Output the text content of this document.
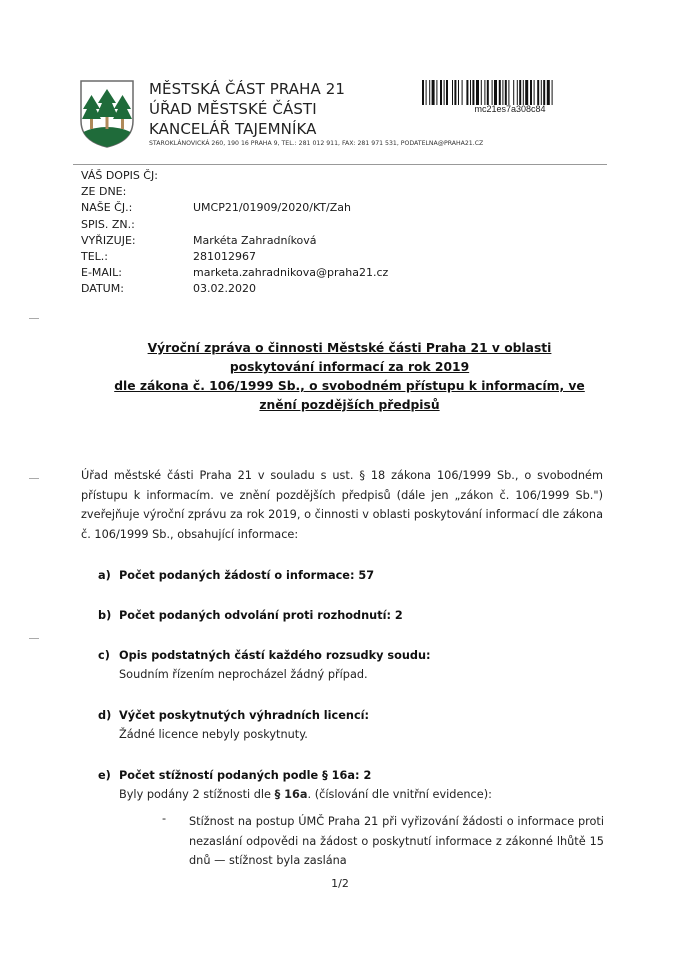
MĚSTSKÁ ČÁST PRAHA 21
ÚŘAD MĚSTSKÉ ČÁSTI
KANCELÁŘ TAJEMNÍKA
STAROKLÁNOVICKÁ 260, 190 16 PRAHA 9, TEL.: 281 012 911, FAX: 281 971 531, PODATELNA@PRAHA21.CZ
mc21es7a308c84
VÁŠ DOPIS ČJ:
ZE DNE:
NAŠE ČJ.:	UMCP21/01909/2020/KT/Zah
SPIS. ZN.:
VYŘIZUJE:	Markéta Zahradníková
TEL.:	281012967
E-MAIL:	marketa.zahradnikova@praha21.cz
DATUM:	03.02.2020
Výroční zpráva o činnosti Městské části Praha 21 v oblasti
poskytování informací za rok 2019
dle zákona č. 106/1999 Sb., o svobodném přístupu k informacím, ve
znění pozdějších předpisů
Úřad městské části Praha 21 v souladu s ust. § 18 zákona 106/1999 Sb., o svobodném přístupu k informacím. ve znění pozdějších předpisů (dále jen „zákon č. 106/1999 Sb.") zveřejňuje výroční zprávu za rok 2019, o činnosti v oblasti poskytování informací dle zákona č. 106/1999 Sb., obsahující informace:
a) Počet podaných žádostí o informace: 57
b) Počet podaných odvolání proti rozhodnutí: 2
c) Opis podstatných částí každého rozsudky soudu:
Soudním řízením neprocházel žádný případ.
d) Výčet poskytnutých výhradních licencí:
Žádné licence nebyly poskytnuty.
e) Počet stížností podaných podle § 16a: 2
Byly podány 2 stížnosti dle § 16a. (číslování dle vnitřní evidence):
- Stížnost na postup ÚMČ Praha 21 při vyřizování žádosti o informace proti nezaslání odpovědi na žádost o poskytnutí informace z zákonné lhůtě 15 dnů — stížnost byla zaslána
1/2
